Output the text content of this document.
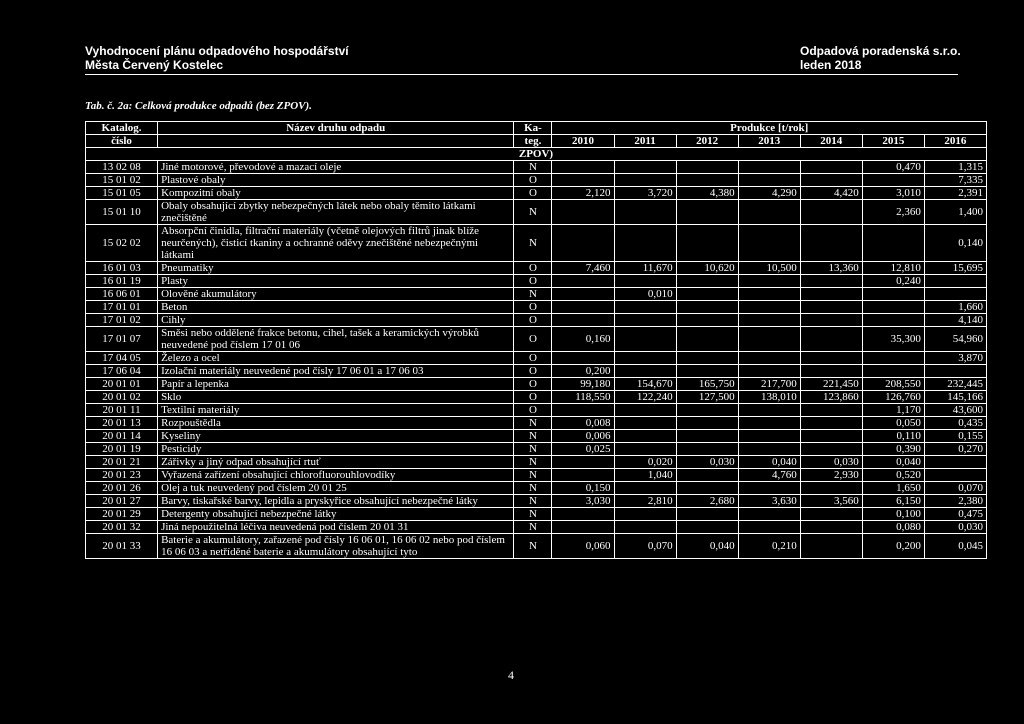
Vyhodnocení plánu odpadového hospodářství
Města Červený Kostelec
Odpadová poradenská s.r.o.
leden 2018
Tab. č. 2a: Celková produkce odpadů (bez ZPOV).
Katalog.	Název druhu odpadu	Ka-	Produkce [t/rok]						
číslo		teg.	2010	2011	2012	2013	2014	2015	2016
ZPOV)									
13 02 08	Jiné motorové, převodové a mazací oleje	N						0,470	1,315
15 01 02	Plastové obaly	O							7,335
15 01 05	Kompozitní obaly	O	2,120	3,720	4,380	4,290	4,420	3,010	2,391
15 01 10	Obaly obsahující zbytky nebezpečných látek nebo obaly těmito látkami znečištěné	N						2,360	1,400
15 02 02	Absorpční činidla, filtrační materiály (včetně olejových filtrů jinak blíže neurčených), čisticí tkaniny a ochranné oděvy znečištěné nebezpečnými látkami	N							0,140
16 01 03	Pneumatiky	O	7,460	11,670	10,620	10,500	13,360	12,810	15,695
16 01 19	Plasty	O						0,240	
16 06 01	Olověné akumulátory	N		0,010					
17 01 01	Beton	O							1,660
17 01 02	Cihly	O							4,140
17 01 07	Směsi nebo oddělené frakce betonu, cihel, tašek a keramických výrobků neuvedené pod číslem 17 01 06	O	0,160					35,300	54,960
17 04 05	Železo a ocel	O							3,870
17 06 04	Izolační materiály neuvedené pod čísly 17 06 01 a 17 06 03	O	0,200						
20 01 01	Papír a lepenka	O	99,180	154,670	165,750	217,700	221,450	208,550	232,445
20 01 02	Sklo	O	118,550	122,240	127,500	138,010	123,860	126,760	145,166
20 01 11	Textilní materiály	O						1,170	43,600
20 01 13	Rozpouštědla	N	0,008					0,050	0,435
20 01 14	Kyseliny	N	0,006					0,110	0,155
20 01 19	Pesticidy	N	0,025					0,390	0,270
20 01 21	Zářivky a jiný odpad obsahující rtuť	N		0,020	0,030	0,040	0,030	0,040	
20 01 23	Vyřazená zařízení obsahující chlorofluorouhlovodíky	N		1,040		4,760	2,930	0,520	
20 01 26	Olej a tuk neuvedený pod číslem 20 01 25	N	0,150					1,650	0,070
20 01 27	Barvy, tiskařské barvy, lepidla a pryskyřice obsahující nebezpečné látky	N	3,030	2,810	2,680	3,630	3,560	6,150	2,380
20 01 29	Detergenty obsahující nebezpečné látky	N						0,100	0,475
20 01 32	Jiná nepoužitelná léčiva neuvedená pod číslem 20 01 31	N						0,080	0,030
20 01 33	Baterie a akumulátory, zařazené pod čísly 16 06 01, 16 06 02 nebo pod číslem 16 06 03 a netříděné baterie a akumulátory obsahující tyto	N	0,060	0,070	0,040	0,210		0,200	0,045
4
